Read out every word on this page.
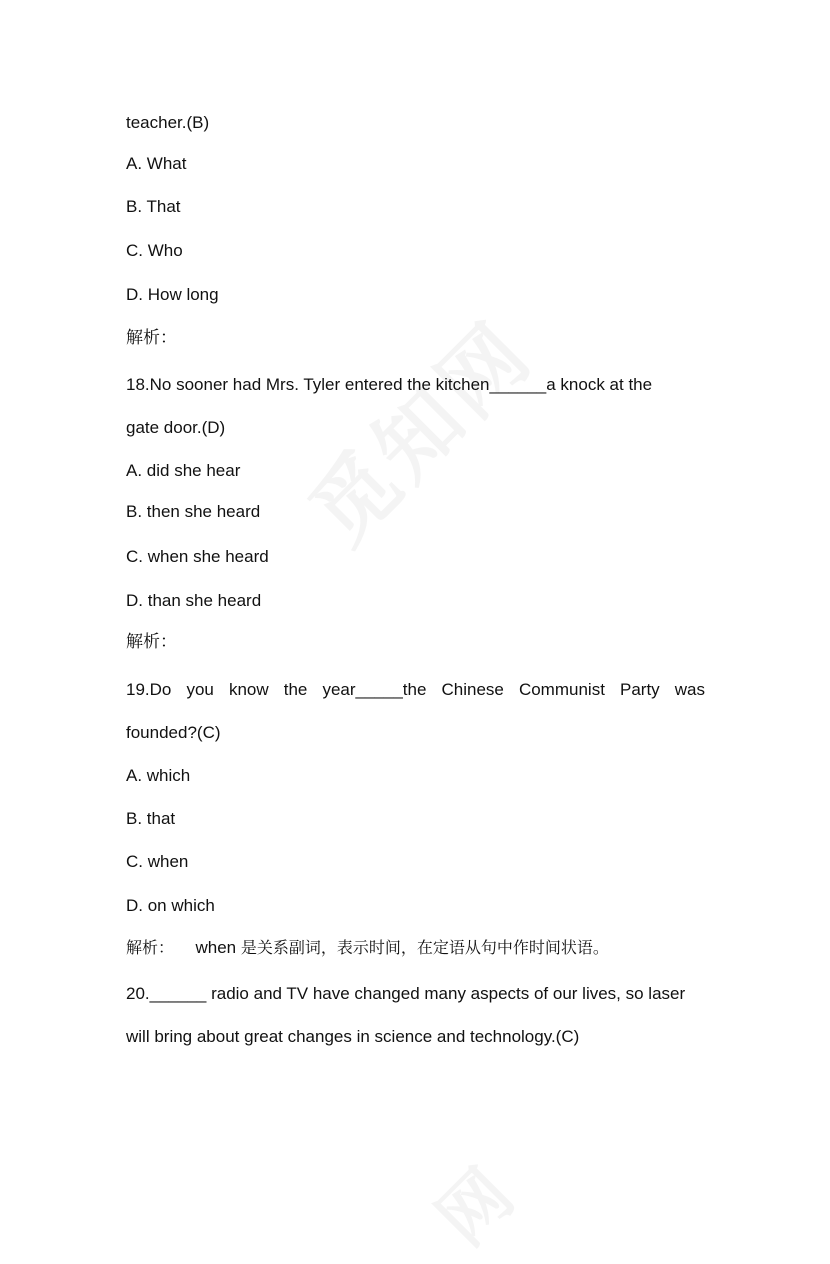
teacher.(B)
A. What
B. That
C. Who
D. How long
解析：
18.No sooner had Mrs. Tyler entered the kitchen______a knock at the
gate door.(D)
A. did she hear
B. then she heard
C. when she heard
D. than she heard
解析：
19.Do you know the year_____the Chinese Communist Party was
founded?(C)
A. which
B. that
C. when
D. on which
解析： when 是关系副词，表示时间，在定语从句中作时间状语。
20.______ radio and TV have changed many aspects of our lives, so laser
will bring about great changes in science and technology.(C)
